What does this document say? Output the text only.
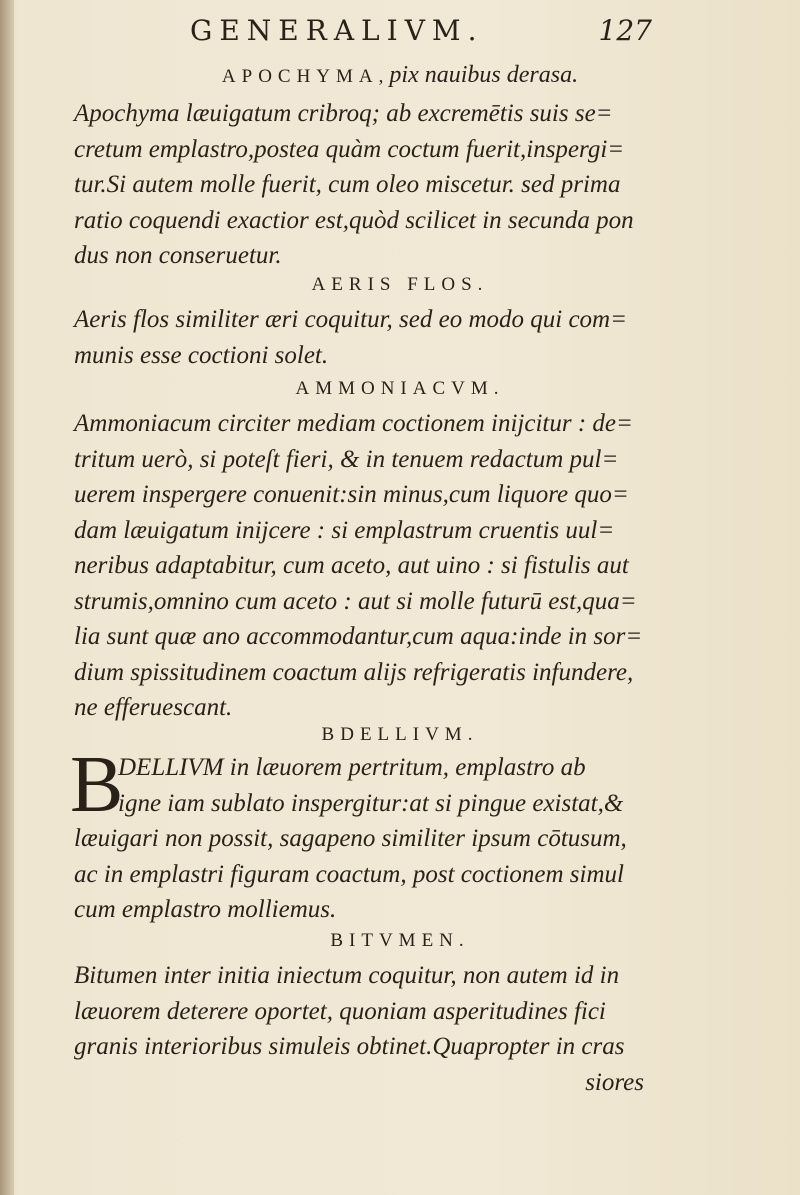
GENERALIVM.	127
APOCHYMA,pix nauibus derasa.
Apochyma læuigatum cribroq; ab excremētis suis se=
cretum emplastro,postea quàm coctum fuerit,inspergi=
tur.Si autem molle fuerit, cum oleo miscetur. sed prima
ratio coquendi exactior est,quòd scilicet in secunda pon
dus non conseruetur.
AERIS FLOS.
Aeris flos similiter æri coquitur, sed eo modo qui com=
munis esse coctioni solet.
AMMONIACVM.
Ammoniacum circiter mediam coctionem inijcitur : de=
tritum uerò, si poteſt fieri, & in tenuem redactum pul=
uerem inspergere conuenit:sin minus,cum liquore quo=
dam læuigatum inijcere : si emplastrum cruentis uul=
neribus adaptabitur, cum aceto, aut uino : si fistulis aut
strumis,omnino cum aceto : aut si molle futurū est,qua=
lia sunt quæ ano accommodantur,cum aqua:inde in sor=
dium spissitudinem coactum alijs refrigeratis infundere,
ne efferuescant.
BDELLIVM.
B
DELLIVM in læuorem pertritum, emplastro ab
igne iam sublato inspergitur:at si pingue existat,&
læuigari non possit, sagapeno similiter ipsum cōtusum,
ac in emplastri figuram coactum, post coctionem simul
cum emplastro molliemus.
BITVMEN.
Bitumen inter initia iniectum coquitur, non autem id in
læuorem deterere oportet, quoniam asperitudines fici
granis interioribus simuleis obtinet.Quapropter in cras
siores
